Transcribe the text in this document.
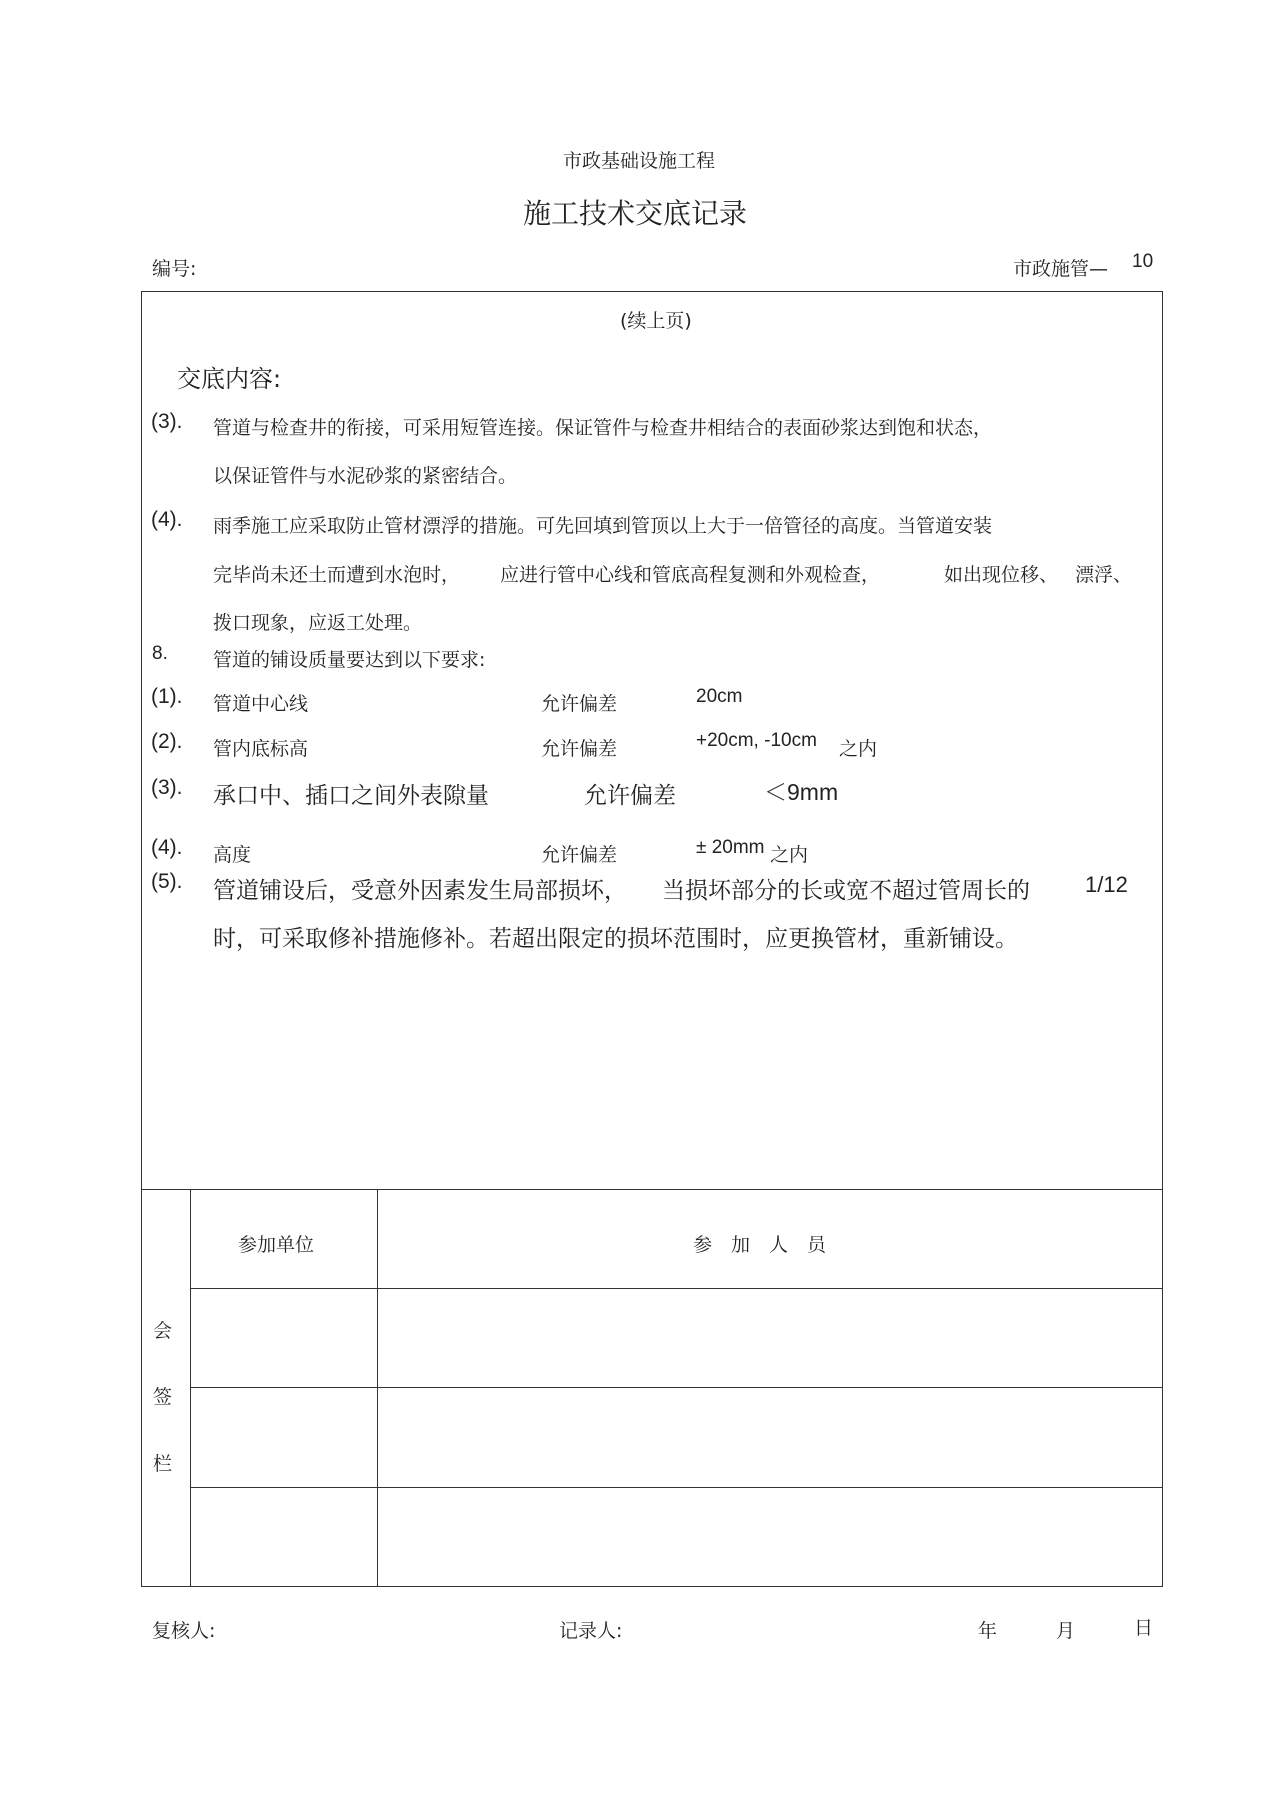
市政基础设施工程
施工技术交底记录
编号:	市政施管— 10
(续上页)
交底内容:
(3). 管道与检查井的衔接，可采用短管连接。保证管件与检查井相结合的表面砂浆达到饱和状态，
以保证管件与水泥砂浆的紧密结合。
(4). 雨季施工应采取防止管材漂浮的措施。可先回填到管顶以上大于一倍管径的高度。当管道安装
完毕尚未还土而遭到水泡时， 应进行管中心线和管底高程复测和外观检查，	如出现位移、 漂浮、
拨口现象，应返工处理。
8. 管道的铺设质量要达到以下要求:
(1). 管道中心线	允许偏差	20cm
(2). 管内底标高	允许偏差	+20cm, -10cm 之内
(3). 承口中、插口之间外表隙量	允许偏差	＜9mm
(4). 高度	允许偏差	± 20mm 之内
(5). 管道铺设后，受意外因素发生局部损坏， 当损坏部分的长或宽不超过管周长的	1/12
时，可采取修补措施修补。若超出限定的损坏范围时，应更换管材，重新铺设。
参加单位	参　加　人　员
会
签
栏
复核人:	记录人:	年	月	日
